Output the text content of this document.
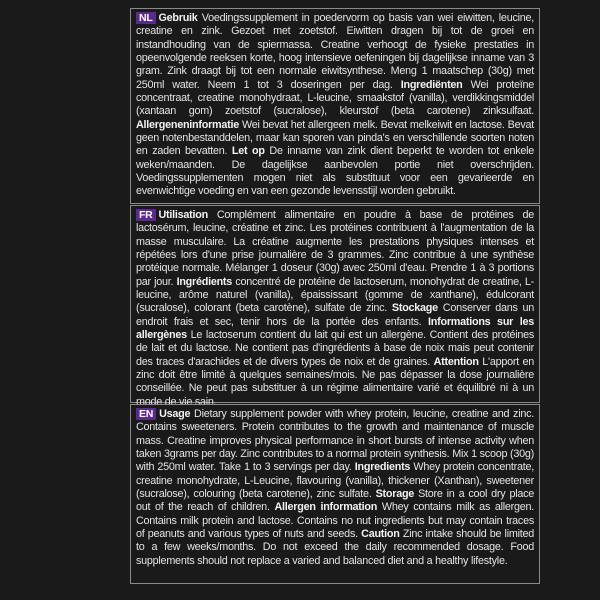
NL Gebruik Voedingssupplement in poedervorm op basis van wei eiwitten, leucine, creatine en zink. Gezoet met zoetstof. Eiwitten dragen bij tot de groei en instandhouding van de spiermassa. Creatine verhoogt de fysieke prestaties in opeenvolgende reeksen korte, hoog intensieve oefeningen bij dagelijkse inname van 3 gram. Zink draagt bij tot een normale eiwitsynthese. Meng 1 maatschep (30g) met 250ml water. Neem 1 tot 3 doseringen per dag. Ingrediënten Wei proteïne concentraat, creatine monohydraat, L-leucine, smaakstof (vanilla), verdikkingsmiddel (xantaan gom) zoetstof (sucralose), kleurstof (beta carotene) zinksulfaat. Allergeneninformatie Wei bevat het allergeen melk. Bevat melkeiwit en lactose. Bevat geen notenbestanddelen, maar kan sporen van pinda's en verschillende soorten noten en zaden bevatten. Let op De inname van zink dient beperkt te worden tot enkele weken/maanden. De dagelijkse aanbevolen portie niet overschrijden. Voedingssupplementen mogen niet als substituut voor een gevarieerde en evenwichtige voeding en van een gezonde levensstijl worden gebruikt.
FR Utilisation Complément alimentaire en poudre à base de protéines de lactosérum, leucine, créatine et zinc. Les protéines contribuent à l'augmentation de la masse musculaire. La créatine augmente les prestations physiques intenses et répétées lors d'une prise journalière de 3 grammes. Zinc contribue à une synthèse protéique normale. Mélanger 1 doseur (30g) avec 250ml d'eau. Prendre 1 à 3 portions par jour. Ingrédients concentré de protéine de lactoserum, monohydrat de creatine, L-leucine, arôme naturel (vanilla), épaississant (gomme de xanthane), édulcorant (sucralose), colorant (beta carotène), sulfate de zinc. Stockage Conserver dans un endroit frais et sec, tenir hors de la portée des enfants. Informations sur les allergènes Le lactoserum contient du lait qui est un allergène. Contient des protéines de lait et du lactose. Ne contient pas d'ingrédients à base de noix mais peut contenir des traces d'arachides et de divers types de noix et de graines. Attention L'apport en zinc doit être limité à quelques semaines/mois. Ne pas dépasser la dose journalière conseillée. Ne peut pas substituer à un régime alimentaire varié et équilibré ni à un mode de vie sain.
EN Usage Dietary supplement powder with whey protein, leucine, creatine and zinc. Contains sweeteners. Protein contributes to the growth and maintenance of muscle mass. Creatine improves physical performance in short bursts of intense activity when taken 3grams per day. Zinc contributes to a normal protein synthesis. Mix 1 scoop (30g) with 250ml water. Take 1 to 3 servings per day. Ingredients Whey protein concentrate, creatine monohydrate, L-Leucine, flavouring (vanilla), thickener (Xanthan), sweetener (sucralose), colouring (beta carotene), zinc sulfate. Storage Store in a cool dry place out of the reach of children. Allergen information Whey contains milk as allergen. Contains milk protein and lactose. Contains no nut ingredients but may contain traces of peanuts and various types of nuts and seeds. Caution Zinc intake should be limited to a few weeks/months. Do not exceed the daily recommended dosage. Food supplements should not replace a varied and balanced diet and a healthy lifestyle.
